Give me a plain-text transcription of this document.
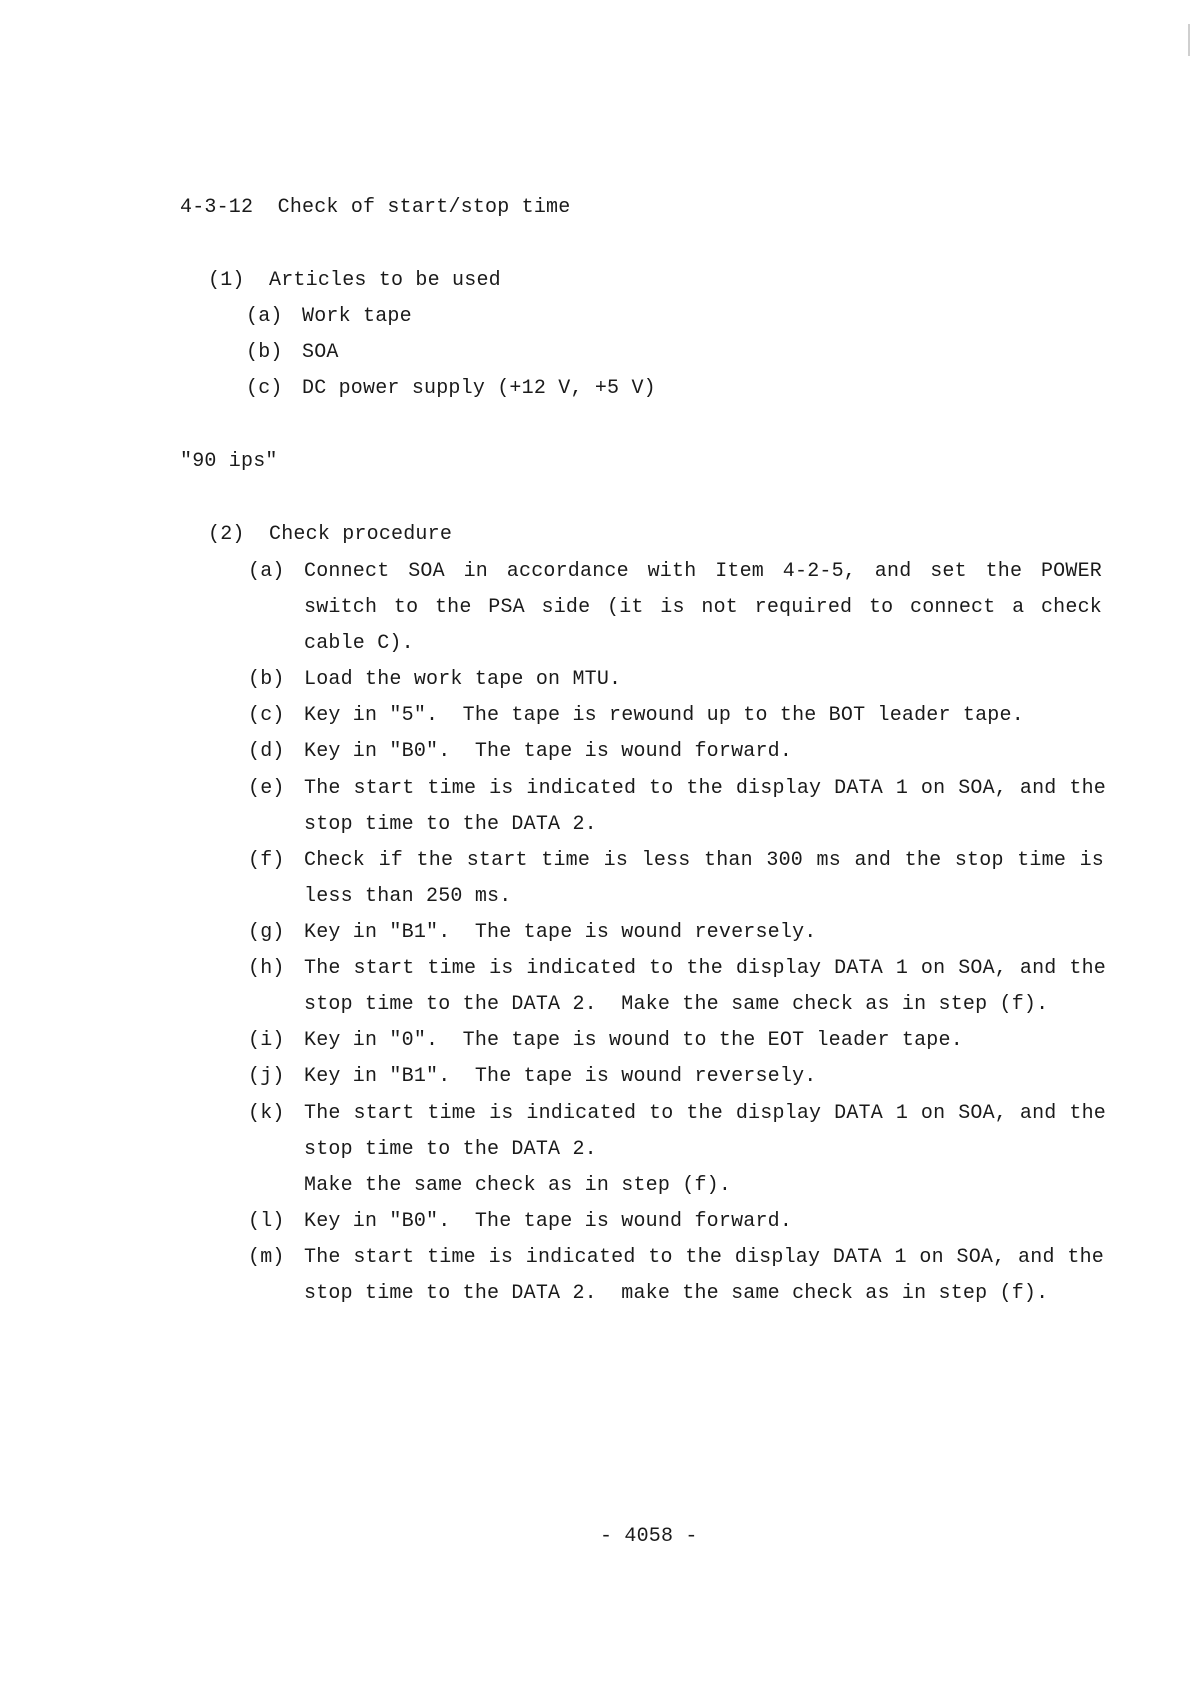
4-3-12  Check of start/stop time
(1)  Articles to be used
(a) Work tape
(b) SOA
(c) DC power supply (+12 V, +5 V)
"90 ips"
(2)  Check procedure
(a) Connect SOA in accordance with Item 4-2-5, and set the POWER
switch to the PSA side (it is not required to connect a check
cable C).
(b) Load the work tape on MTU.
(c) Key in "5".  The tape is rewound up to the BOT leader tape.
(d) Key in "B0".  The tape is wound forward.
(e) The start time is indicated to the display DATA 1 on SOA, and the
stop time to the DATA 2.
(f) Check if the start time is less than 300 ms and the stop time is
less than 250 ms.
(g) Key in "B1".  The tape is wound reversely.
(h) The start time is indicated to the display DATA 1 on SOA, and the
stop time to the DATA 2.  Make the same check as in step (f).
(i) Key in "0".  The tape is wound to the EOT leader tape.
(j) Key in "B1".  The tape is wound reversely.
(k) The start time is indicated to the display DATA 1 on SOA, and the
stop time to the DATA 2.
Make the same check as in step (f).
(l) Key in "B0".  The tape is wound forward.
(m) The start time is indicated to the display DATA 1 on SOA, and the
stop time to the DATA 2.  make the same check as in step (f).
- 4058 -
